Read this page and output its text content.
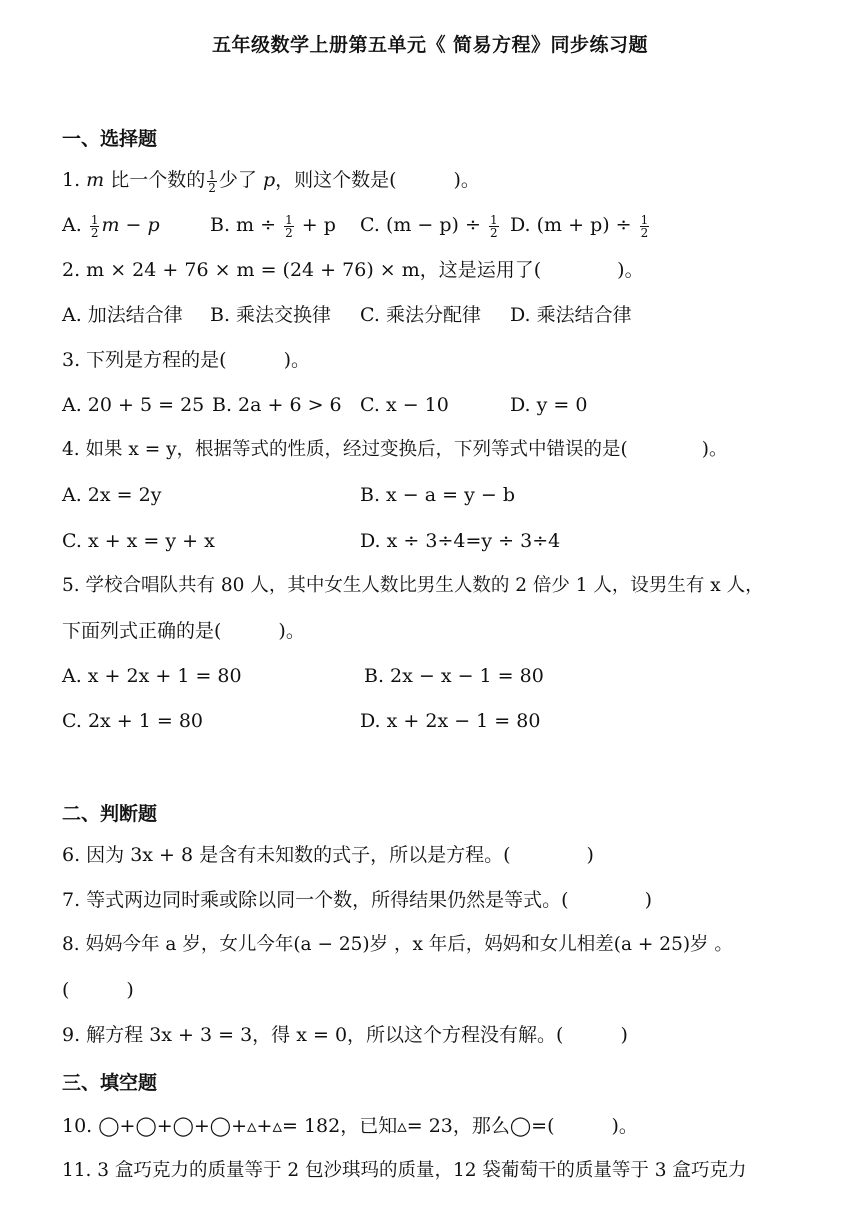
五年级数学上册第五单元《 简易方程》同步练习题
一、选择题
1. m 比一个数的 $\frac{1}{2}$ 少了 p，则这个数是(　　　)。
A. $\frac{1}{2}$ m − p	B. $m \div \frac{1}{2} + p$ C. $(m - p) \div \frac{1}{2} D$. $(m + p) \div \frac{1}{2}$
2. m × 24 + 76 × m = (24 + 76) × m，这是运用了(　　　　)。
A. 加法结合律 B. 乘法交换律 C. 乘法分配律 D. 乘法结合律
3. 下列是方程的是(　　　)。
A. 20 + 5 = 25 B. 2a + 6 > 6 C. x − 10	D. y = 0
4. 如果 x = y，根据等式的性质，经过变换后，下列等式中错误的是(　　　　)。
A. 2x = 2y	B. x − a = y − b
C. x + x = y + x	D. x ÷ 3÷4=y ÷ 3÷4
5. 学校合唱队共有 80 人，其中女生人数比男生人数的 2 倍少 1 人，设男生有 x 人，
下面列式正确的是(　　　)。
A. x + 2x + 1 = 80	B. 2x − x − 1 = 80
C. 2x + 1 = 80	D. x + 2x − 1 = 80
二、判断题
6. 因为 3x + 8 是含有未知数的式子，所以是方程。(　　　　)
7. 等式两边同时乘或除以同一个数，所得结果仍然是等式。(　　　　)
8. 妈妈今年 a 岁，女儿今年(a − 25)岁 ，x 年后，妈妈和女儿相差(a + 25)岁 。
(　　　)
9. 解方程 3x + 3 = 3，得 x = 0，所以这个方程没有解。(　　　)
三、填空题
10. ◯+◯+◯+◯+▵+▵= 182，已知▵= 23，那么◯=(　　　)。
11. 3 盒巧克力的质量等于 2 包沙琪玛的质量，12 袋葡萄干的质量等于 3 盒巧克力
